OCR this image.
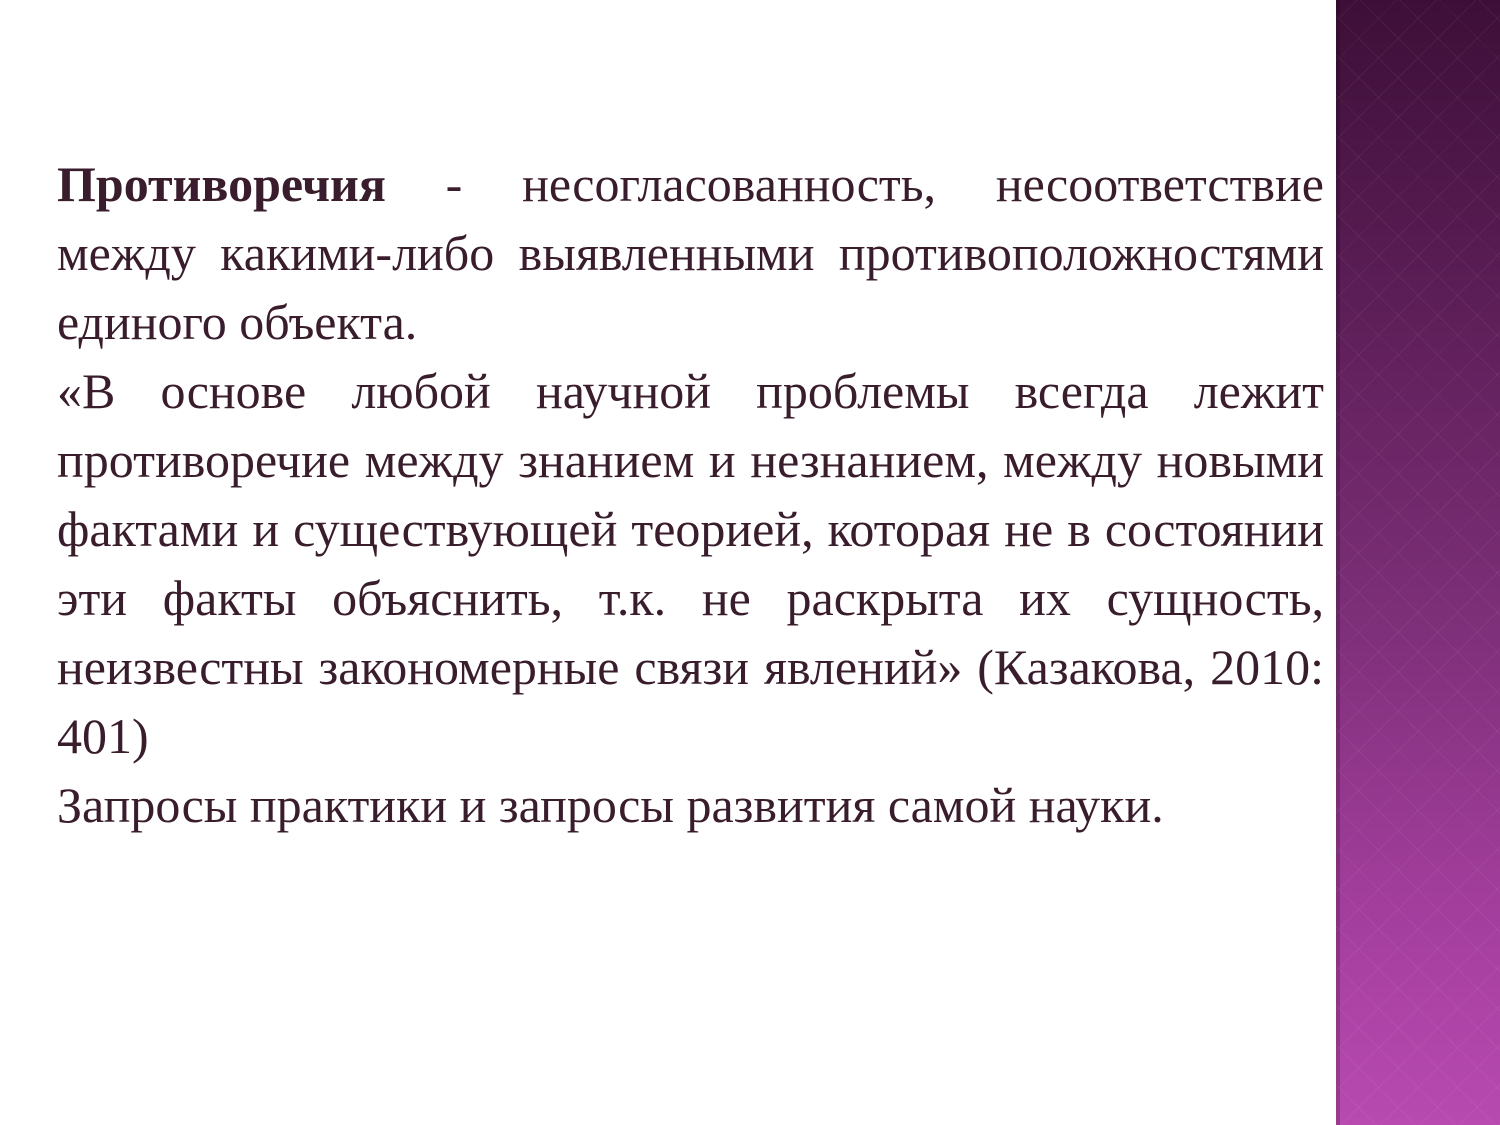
Противоречия - несогласованность, несоответствие между какими-либо выявленными противоположностями единого объекта.

«В основе любой научной проблемы всегда лежит противоречие между знанием и незнанием, между новыми фактами и существующей теорией, которая не в состоянии эти факты объяснить, т.к. не раскрыта их сущность, неизвестны закономерные связи явлений» (Казакова, 2010: 401)

Запросы практики и запросы развития самой науки.
